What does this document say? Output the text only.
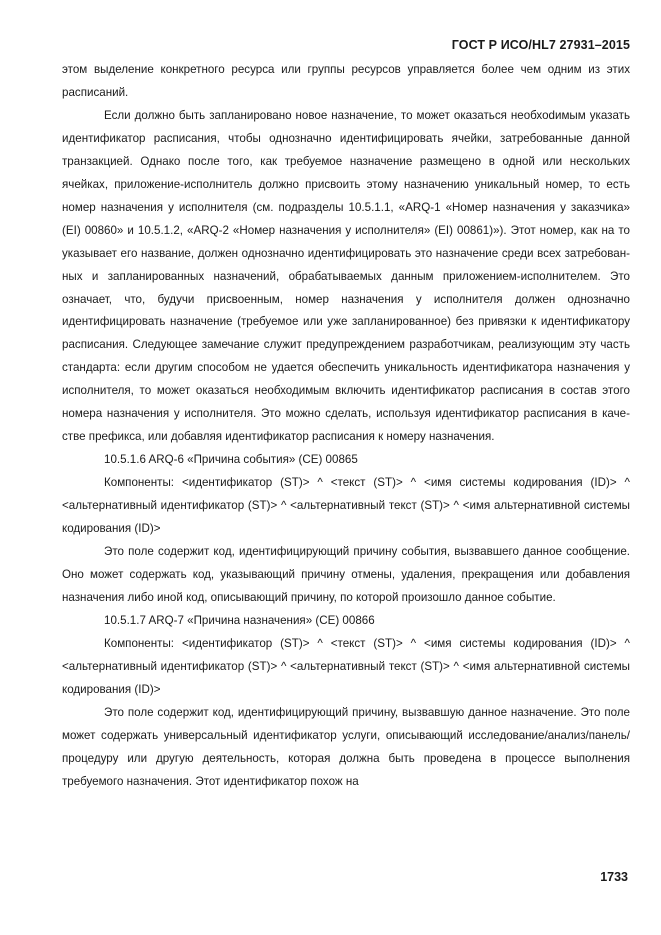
ГОСТ Р ИСО/HL7 27931–2015

этом выделение конкретного ресурса или группы ресурсов управляется более чем одним из этих расписаний.

Если должно быть запланировано новое назначение, то может оказаться необхоdимым указать идентификатор расписания, чтобы однозначно идентифицировать ячейки, затребованные данной транзакцией. Однако после того, как требуемое назначение размещено в одной или нескольких ячейках, приложение-исполнитель должно присвоить этому назначению уникальный номер, то есть номер назначения у исполнителя (см. подразделы 10.5.1.1, «ARQ-1 «Номер назначения у заказчика» (EI) 00860» и 10.5.1.2, «ARQ-2 «Номер назначения у исполнителя» (EI) 00861)»). Этот номер, как на то указывает его название, должен однозначно идентифицировать это назначение среди всех затребованных и запланированных назначений, обрабатываемых данным приложением-исполнителем. Это означает, что, будучи присвоенным, номер назначения у исполнителя должен однозначно идентифицировать назначение (требуемое или уже запланированное) без привязки к идентификатору расписания. Следующее замечание служит предупреждением разработчикам, реализующим эту часть стандарта: если другим способом не удается обеспечить уникальность идентификатора назначения у исполнителя, то может оказаться необходимым включить идентификатор расписания в состав этого номера назначения у исполнителя. Это можно сделать, используя идентификатор расписания в качестве префикса, или добавляя идентификатор расписания к номеру назначения.

10.5.1.6 ARQ-6 «Причина события» (CE) 00865

Компоненты: <идентификатор (ST)> ^ <текст (ST)> ^ <имя системы кодирования (ID)> ^ <альтернативный идентификатор (ST)> ^ <альтернативный текст (ST)> ^ <имя альтернативной системы кодирования (ID)>

Это поле содержит код, идентифицирующий причину события, вызвавшего данное сообщение. Оно может содержать код, указывающий причину отмены, удаления, прекращения или добавления назначения либо иной код, описывающий причину, по которой произошло данное событие.

10.5.1.7 ARQ-7 «Причина назначения» (CE) 00866

Компоненты: <идентификатор (ST)> ^ <текст (ST)> ^ <имя системы кодирования (ID)> ^ <альтернативный идентификатор (ST)> ^ <альтернативный текст (ST)> ^ <имя альтернативной системы кодирования (ID)>

Это поле содержит код, идентифицирующий причину, вызвавшую данное назначение. Это поле может содержать универсальный идентификатор услуги, описывающий исследование/анализ/панель/процедуру или другую деятельность, которая должна быть проведена в процессе выполнения требуемого назначения. Этот идентификатор похож на

1733
